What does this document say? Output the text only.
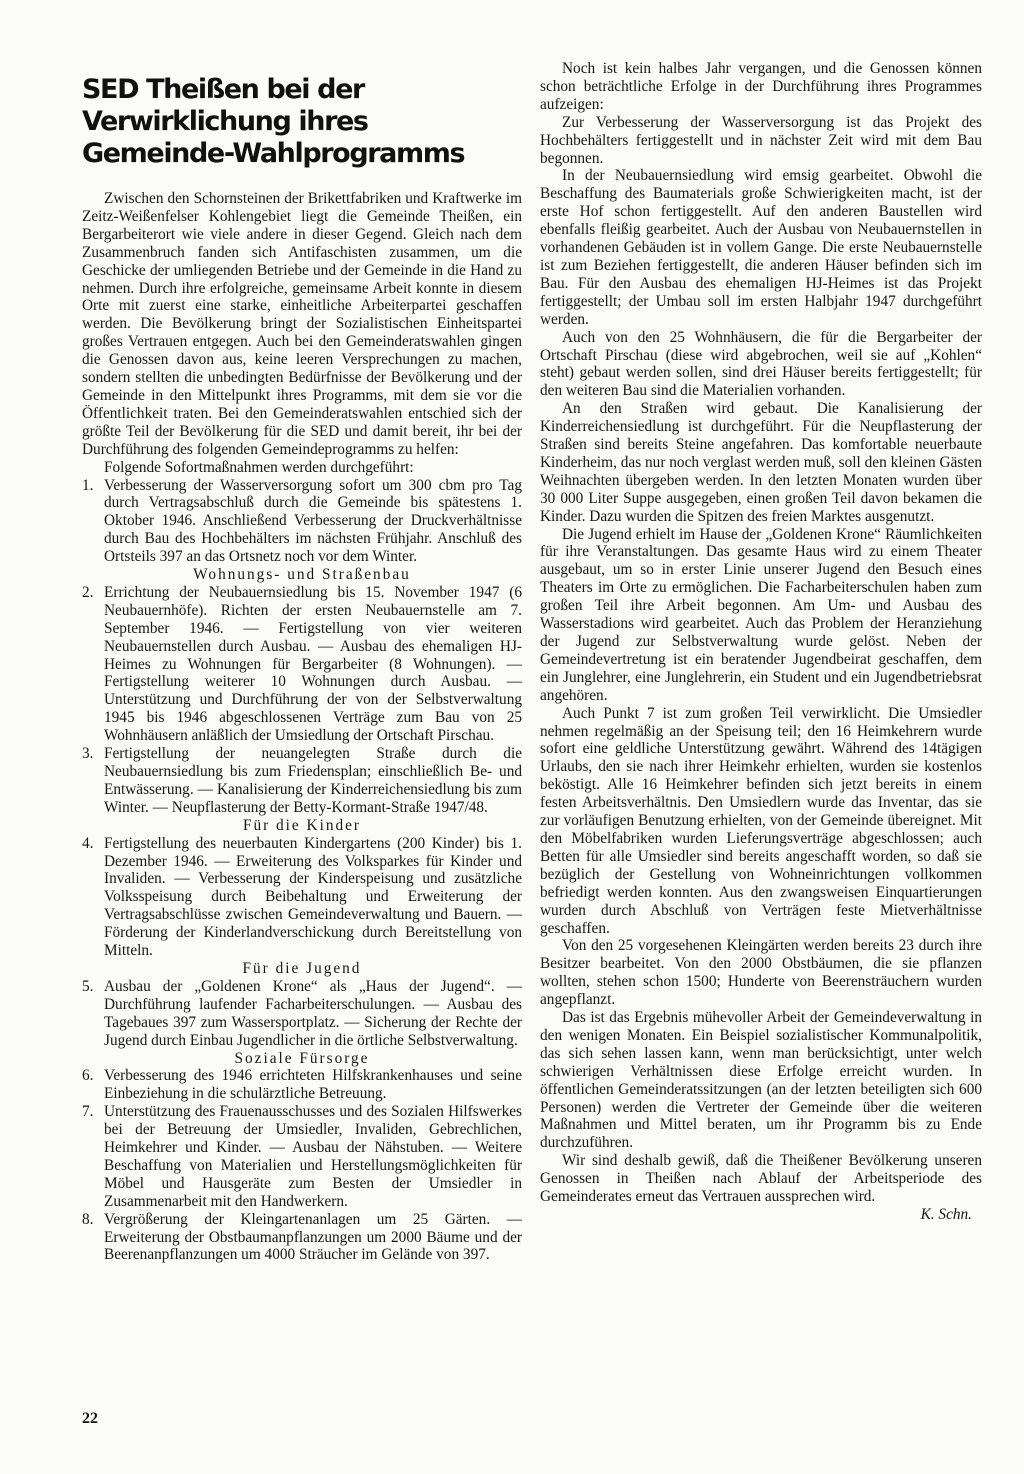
SED Theißen bei der Verwirklichung ihres Gemeinde-Wahlprogramms

Zwischen den Schornsteinen der Brikettfabriken und Kraftwerke im Zeitz-Weißenfelser Kohlengebiet liegt die Gemeinde Theißen, ein Bergarbeiterort wie viele andere in dieser Gegend. Gleich nach dem Zusammenbruch fanden sich Antifaschisten zusammen, um die Geschicke der umliegenden Betriebe und der Gemeinde in die Hand zu nehmen. Durch ihre erfolgreiche, gemeinsame Arbeit konnte in diesem Orte mit zuerst eine starke, einheitliche Arbeiterpartei geschaffen werden. Die Bevölkerung bringt der Sozialistischen Einheitspartei großes Vertrauen entgegen. Auch bei den Gemeinderatswahlen gingen die Genossen davon aus, keine leeren Versprechungen zu machen, sondern stellten die unbedingten Bedürfnisse der Bevölkerung und der Gemeinde in den Mittelpunkt ihres Programms, mit dem sie vor die Öffentlichkeit traten. Bei den Gemeinderatswahlen entschied sich der größte Teil der Bevölkerung für die SED und damit bereit, ihr bei der Durchführung des folgenden Gemeindeprogramms zu helfen:

Folgende Sofortmaßnahmen werden durchgeführt:

1. Verbesserung der Wasserversorgung sofort um 300 cbm pro Tag durch Vertragsabschluß durch die Gemeinde bis spätestens 1. Oktober 1946. Anschließend Verbesserung der Druckverhältnisse durch Bau des Hochbehälters im nächsten Frühjahr. Anschluß des Ortsteils 397 an das Ortsnetz noch vor dem Winter.

Wohnungs- und Straßenbau

2. Errichtung der Neubauernsiedlung bis 15. November 1947 (6 Neubauernhöfe). Richten der ersten Neubauernstelle am 7. September 1946. — Fertigstellung von vier weiteren Neubauernstellen durch Ausbau. — Ausbau des ehemaligen HJ-Heimes zu Wohnungen für Bergarbeiter (8 Wohnungen). — Fertigstellung weiterer 10 Wohnungen durch Ausbau. — Unterstützung und Durchführung der von der Selbstverwaltung 1945 bis 1946 abgeschlossenen Verträge zum Bau von 25 Wohnhäusern anläßlich der Umsiedlung der Ortschaft Pirschau.

3. Fertigstellung der neuangelegten Straße durch die Neubauernsiedlung bis zum Friedensplan; einschließlich Be- und Entwässerung. — Kanalisierung der Kinderreichensiedlung bis zum Winter. — Neupflasterung der Betty-Kormant-Straße 1947/48.

Für die Kinder

4. Fertigstellung des neuerbauten Kindergartens (200 Kinder) bis 1. Dezember 1946. — Erweiterung des Volksparkes für Kinder und Invaliden. — Verbesserung der Kinderspeisung und zusätzliche Volksspeisung durch Beibehaltung und Erweiterung der Vertragsabschlüsse zwischen Gemeindeverwaltung und Bauern. — Förderung der Kinderlandverschickung durch Bereitstellung von Mitteln.

Für die Jugend

5. Ausbau der „Goldenen Krone“ als „Haus der Jugend“. — Durchführung laufender Facharbeiterschulungen. — Ausbau des Tagebaues 397 zum Wassersportplatz. — Sicherung der Rechte der Jugend durch Einbau Jugendlicher in die örtliche Selbstverwaltung.

Soziale Fürsorge

6. Verbesserung des 1946 errichteten Hilfskrankenhauses und seine Einbeziehung in die schulärztliche Betreuung.

7. Unterstützung des Frauenausschusses und des Sozialen Hilfswerkes bei der Betreuung der Umsiedler, Invaliden, Gebrechlichen, Heimkehrer und Kinder. — Ausbau der Nähstuben. — Weitere Beschaffung von Materialien und Herstellungsmöglichkeiten für Möbel und Hausgeräte zum Besten der Umsiedler in Zusammenarbeit mit den Handwerkern.

8. Vergrößerung der Kleingartenanlagen um 25 Gärten. — Erweiterung der Obstbaumanpflanzungen um 2000 Bäume und der Beerenanpflanzungen um 4000 Sträucher im Gelände von 397.

Noch ist kein halbes Jahr vergangen, und die Genossen können schon beträchtliche Erfolge in der Durchführung ihres Programmes aufzeigen:

Zur Verbesserung der Wasserversorgung ist das Projekt des Hochbehälters fertiggestellt und in nächster Zeit wird mit dem Bau begonnen.

In der Neubauernsiedlung wird emsig gearbeitet. Obwohl die Beschaffung des Baumaterials große Schwierigkeiten macht, ist der erste Hof schon fertiggestellt. Auf den anderen Baustellen wird ebenfalls fleißig gearbeitet. Auch der Ausbau von Neubauernstellen in vorhandenen Gebäuden ist in vollem Gange. Die erste Neubauernstelle ist zum Beziehen fertiggestellt, die anderen Häuser befinden sich im Bau. Für den Ausbau des ehemaligen HJ-Heimes ist das Projekt fertiggestellt; der Umbau soll im ersten Halbjahr 1947 durchgeführt werden.

Auch von den 25 Wohnhäusern, die für die Bergarbeiter der Ortschaft Pirschau (diese wird abgebrochen, weil sie auf „Kohlen“ steht) gebaut werden sollen, sind drei Häuser bereits fertiggestellt; für den weiteren Bau sind die Materialien vorhanden.

An den Straßen wird gebaut. Die Kanalisierung der Kinderreichensiedlung ist durchgeführt. Für die Neupflasterung der Straßen sind bereits Steine angefahren. Das komfortable neuerbaute Kinderheim, das nur noch verglast werden muß, soll den kleinen Gästen Weihnachten übergeben werden. In den letzten Monaten wurden über 30 000 Liter Suppe ausgegeben, einen großen Teil davon bekamen die Kinder. Dazu wurden die Spitzen des freien Marktes ausgenutzt.

Die Jugend erhielt im Hause der „Goldenen Krone“ Räumlichkeiten für ihre Veranstaltungen. Das gesamte Haus wird zu einem Theater ausgebaut, um so in erster Linie unserer Jugend den Besuch eines Theaters im Orte zu ermöglichen. Die Facharbeiterschulen haben zum großen Teil ihre Arbeit begonnen. Am Um- und Ausbau des Wasserstadions wird gearbeitet. Auch das Problem der Heranziehung der Jugend zur Selbstverwaltung wurde gelöst. Neben der Gemeindevertretung ist ein beratender Jugendbeirat geschaffen, dem ein Junglehrer, eine Junglehrerin, ein Student und ein Jugendbetriebsrat angehören.

Auch Punkt 7 ist zum großen Teil verwirklicht. Die Umsiedler nehmen regelmäßig an der Speisung teil; den 16 Heimkehrern wurde sofort eine geldliche Unterstützung gewährt. Während des 14tägigen Urlaubs, den sie nach ihrer Heimkehr erhielten, wurden sie kostenlos beköstigt. Alle 16 Heimkehrer befinden sich jetzt bereits in einem festen Arbeitsverhältnis. Den Umsiedlern wurde das Inventar, das sie zur vorläufigen Benutzung erhielten, von der Gemeinde übereignet. Mit den Möbelfabriken wurden Lieferungsverträge abgeschlossen; auch Betten für alle Umsiedler sind bereits angeschafft worden, so daß sie bezüglich der Gestellung von Wohneinrichtungen vollkommen befriedigt werden konnten. Aus den zwangsweisen Einquartierungen wurden durch Abschluß von Verträgen feste Mietverhältnisse geschaffen.

Von den 25 vorgesehenen Kleingärten werden bereits 23 durch ihre Besitzer bearbeitet. Von den 2000 Obstbäumen, die sie pflanzen wollten, stehen schon 1500; Hunderte von Beerensträuchern wurden angepflanzt.

Das ist das Ergebnis mühevoller Arbeit der Gemeindeverwaltung in den wenigen Monaten. Ein Beispiel sozialistischer Kommunalpolitik, das sich sehen lassen kann, wenn man berücksichtigt, unter welch schwierigen Verhältnissen diese Erfolge erreicht wurden. In öffentlichen Gemeinderatssitzungen (an der letzten beteiligten sich 600 Personen) werden die Vertreter der Gemeinde über die weiteren Maßnahmen und Mittel beraten, um ihr Programm bis zu Ende durchzuführen.

Wir sind deshalb gewiß, daß die Theißener Bevölkerung unseren Genossen in Theißen nach Ablauf der Arbeitsperiode des Gemeinderates erneut das Vertrauen aussprechen wird.

K. Schn.
22
